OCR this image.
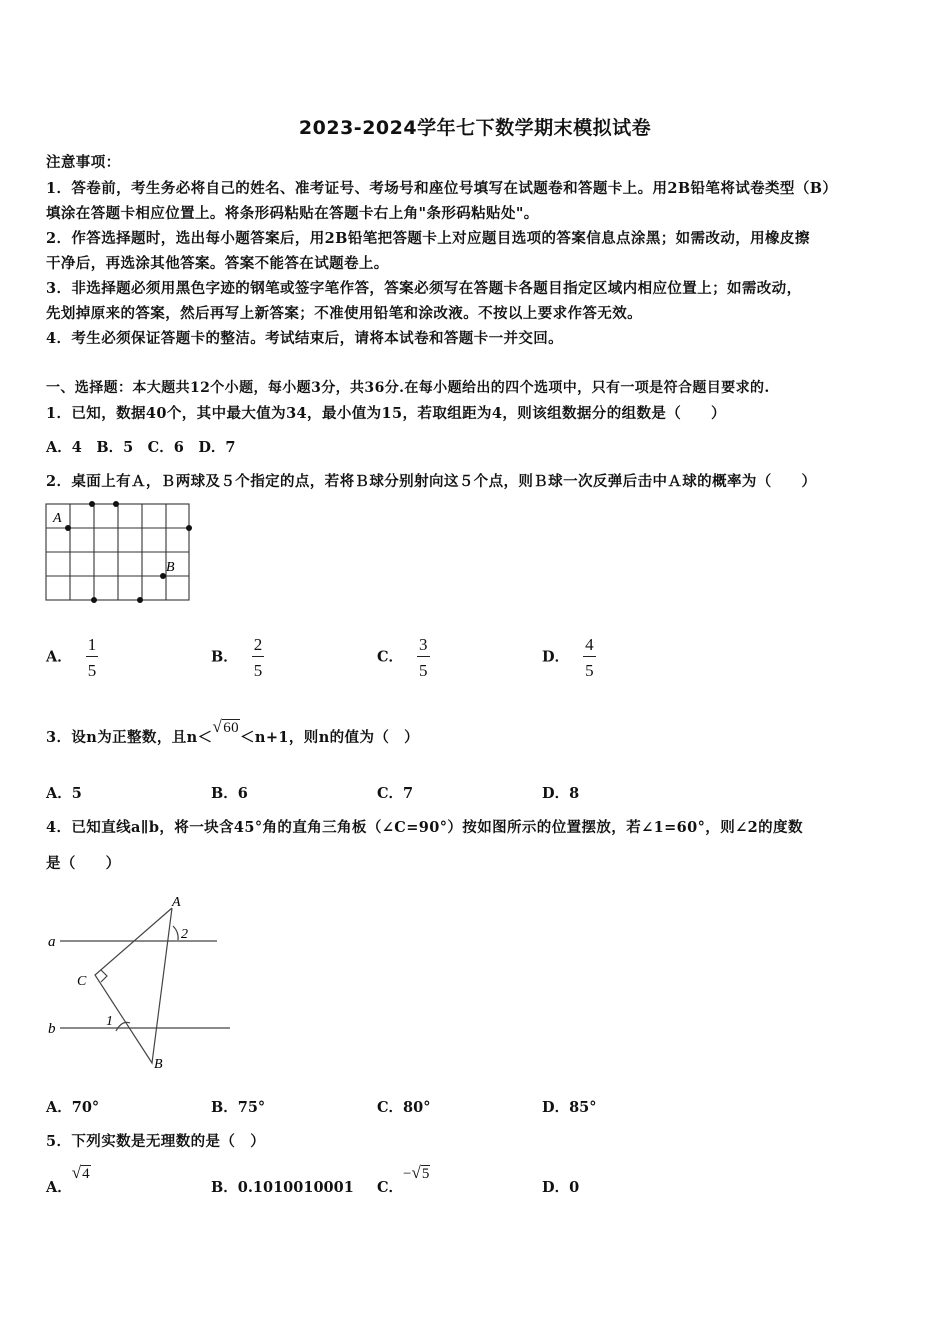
2023-2024学年七下数学期末模拟试卷
注意事项：
1．答卷前，考生务必将自己的姓名、准考证号、考场号和座位号填写在试题卷和答题卡上。用2B铅笔将试卷类型（B）
填涂在答题卡相应位置上。将条形码粘贴在答题卡右上角"条形码粘贴处"。
2．作答选择题时，选出每小题答案后，用2B铅笔把答题卡上对应题目选项的答案信息点涂黑；如需改动，用橡皮擦
干净后，再选涂其他答案。答案不能答在试题卷上。
3．非选择题必须用黑色字迹的钢笔或签字笔作答，答案必须写在答题卡各题目指定区域内相应位置上；如需改动，
先划掉原来的答案，然后再写上新答案；不准使用铅笔和涂改液。不按以上要求作答无效。
4．考生必须保证答题卡的整洁。考试结束后，请将本试卷和答题卡一并交回。
一、选择题：本大题共12个小题，每小题3分，共36分.在每小题给出的四个选项中，只有一项是符合题目要求的.
1．已知，数据40个，其中最大值为34，最小值为15，若取组距为4，则该组数据分的组数是（　　）
A．4　B．5　C．6　D．7
2．桌面上有Ａ，Ｂ两球及５个指定的点，若将Ｂ球分别射向这５个点，则Ｂ球一次反弹后击中Ａ球的概率为（　　）
A
B
A． $\frac{1}{5}$	B． $\frac{2}{5}$	C． $\frac{3}{5}$	D． $\frac{4}{5}$
3．设n为正整数，且n＜√60＜n+1，则n的值为（　）
A．5	B．6	C．7	D．8
4．已知直线a∥b，将一块含45°角的直角三角板（∠C=90°）按如图所示的位置摆放，若∠1=60°，则∠2的度数
是（　　）
a
b
A
C
B
1
2
A．70°	B．75°	C．80°	D．85°
5．下列实数是无理数的是（　）
A．√4
B．0.1010010001 C．−√5
D．0
